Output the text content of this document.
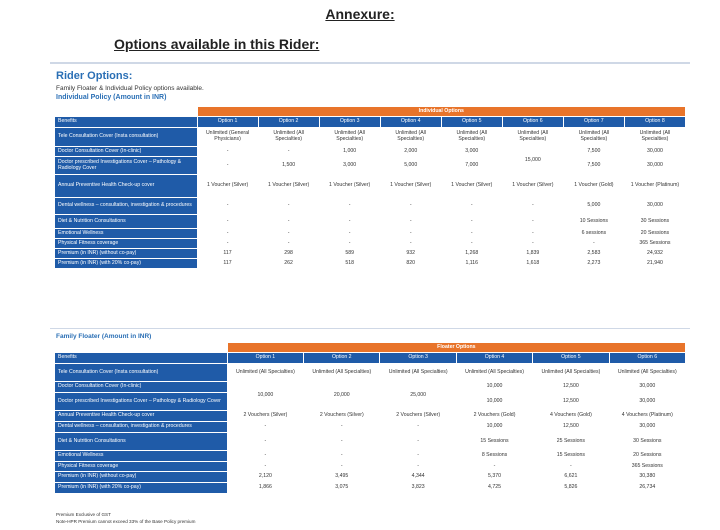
Annexure:
Options available in this Rider:
Rider Options:
Family Floater & Individual Policy options available.
Individual Policy (Amount in INR)
	Individual Options							
Benefits	Option 1	Option 2	Option 3	Option 4	Option 5	Option 6	Option 7	Option 8
Tele Consultation Cover (Insta consultation)	Unlimited (General Physicians)	Unlimited (All Specialties)	Unlimited (All Specialties)	Unlimited (All Specialties)	Unlimited (All Specialties)	Unlimited (All Specialties)	Unlimited (All Specialties)	Unlimited (All Specialties)
Doctor Consultation Cover (In-clinic)	-	-	1,000	2,000	3,000	15,000	7,500	30,000
Doctor prescribed Investigations Cover – Pathology & Radiology Cover	-	1,500	3,000	5,000	7,000		7,500	30,000
Annual Preventive Health Check-up cover	1 Voucher (Silver)	1 Voucher (Silver)	1 Voucher (Silver)	1 Voucher (Silver)	1 Voucher (Silver)	1 Voucher (Silver)	1 Voucher (Gold)	1 Voucher (Platinum)
Dental wellness – consultation, investigation & procedures	-	-	-	-	-	-	5,000	30,000
Diet & Nutrition Consultations	-	-	-	-	-	-	10 Sessions	30 Sessions
Emotional Wellness	-	-	-	-	-	-	6 sessions	20 Sessions
Physical Fitness coverage	-	-	-	-	-	-	-	365 Sessions
Premium (in INR) (without co-pay)	117	298	589	932	1,268	1,839	2,583	24,932
Premium (in INR) (with 20% co-pay)	117	262	518	820	1,116	1,618	2,273	21,940
Family Floater (Amount in INR)
	Floater Options					
Benefits	Option 1	Option 2	Option 3	Option 4	Option 5	Option 6
Tele Consultation Cover (Insta consultation)	Unlimited (All Specialties)	Unlimited (All Specialties)	Unlimited (All Specialties)	Unlimited (All Specialties)	Unlimited (All Specialties)	Unlimited (All Specialties)
Doctor Consultation Cover (In-clinic)	10,000	20,000	25,000	10,000	12,500	30,000
Doctor prescribed Investigations Cover – Pathology & Radiology Cover				10,000	12,500	30,000
Annual Preventive Health Check-up cover	2 Vouchers (Silver)	2 Vouchers (Silver)	2 Vouchers (Silver)	2 Vouchers (Gold)	4 Vouchers (Gold)	4 Vouchers (Platinum)
Dental wellness – consultation, investigation & procedures	-	-	-	10,000	12,500	30,000
Diet & Nutrition Consultations	-	-	-	15 Sessions	25 Sessions	30 Sessions
Emotional Wellness	-	-	-	8 Sessions	15 Sessions	20 Sessions
Physical Fitness coverage	-	-	-	-	-	365 Sessions
Premium (in INR) (without co-pay)	2,120	3,495	4,344	5,370	6,621	30,380
Premium (in INR) (with 20% co-pay)	1,866	3,075	3,823	4,725	5,826	26,734
Premium Exclusive of GST
Note-HPR Premium cannot exceed 33% of the Base Policy premium
